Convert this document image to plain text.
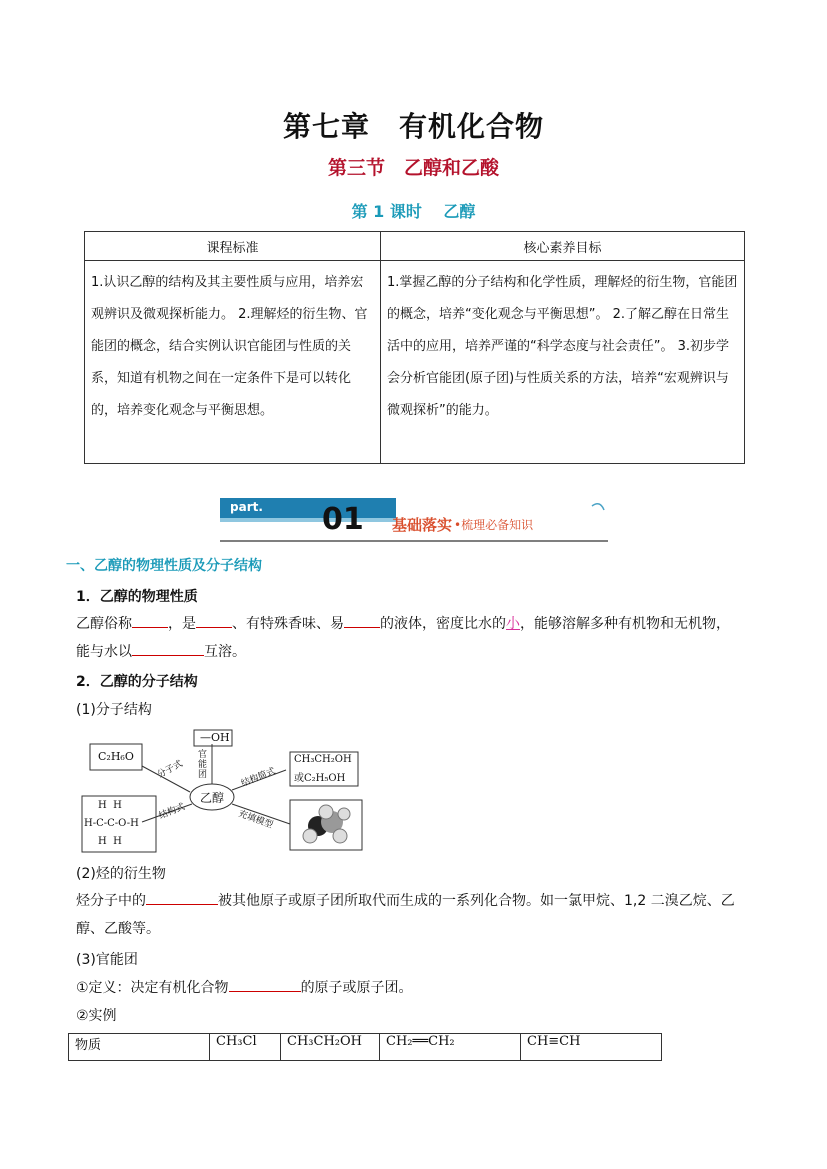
第七章　有机化合物
第三节　乙醇和乙酸
第 1 课时　 乙醇
课程标准	核心素养目标
1.认识乙醇的结构及其主要性质与应用，培养宏观辨识及微观探析能力。 2.理解烃的衍生物、官能团的概念，结合实例认识官能团与性质的关系，知道有机物之间在一定条件下是可以转化的，培养变化观念与平衡思想。	1.掌握乙醇的分子结构和化学性质，理解烃的衍生物，官能团的概念，培养“变化观念与平衡思想”。 2.了解乙醇在日常生活中的应用，培养严谨的“科学态度与社会责任”。 3.初步学会分析官能团(原子团)与性质关系的方法，培养“宏观辨识与微观探析”的能力。
part. 01 基础落实 •梳理必备知识
一、乙醇的物理性质及分子结构
1．乙醇的物理性质
乙醇俗称	，是	、有特殊香味、易	的液体，密度比水的小，能够溶解多种有机物和无机物，
能与水以	互溶。
2．乙醇的分子结构
(1)分子结构
乙醇
C₂H₆O
—OH
CH₃CH₂OH
或C₂H₅OH
分子式
官能团	结构简式
结构式	充填模型
H  H
H-C-C-O-H
H  H
(2)烃的衍生物
烃分子中的	被其他原子或原子团所取代而生成的一系列化合物。如一氯甲烷、1,2 二溴乙烷、乙
醇、乙酸等。
(3)官能团
①定义：决定有机化合物	的原子或原子团。
②实例
物质	CH₃Cl	CH₃CH₂OH	CH₂══CH₂	CH≡CH
